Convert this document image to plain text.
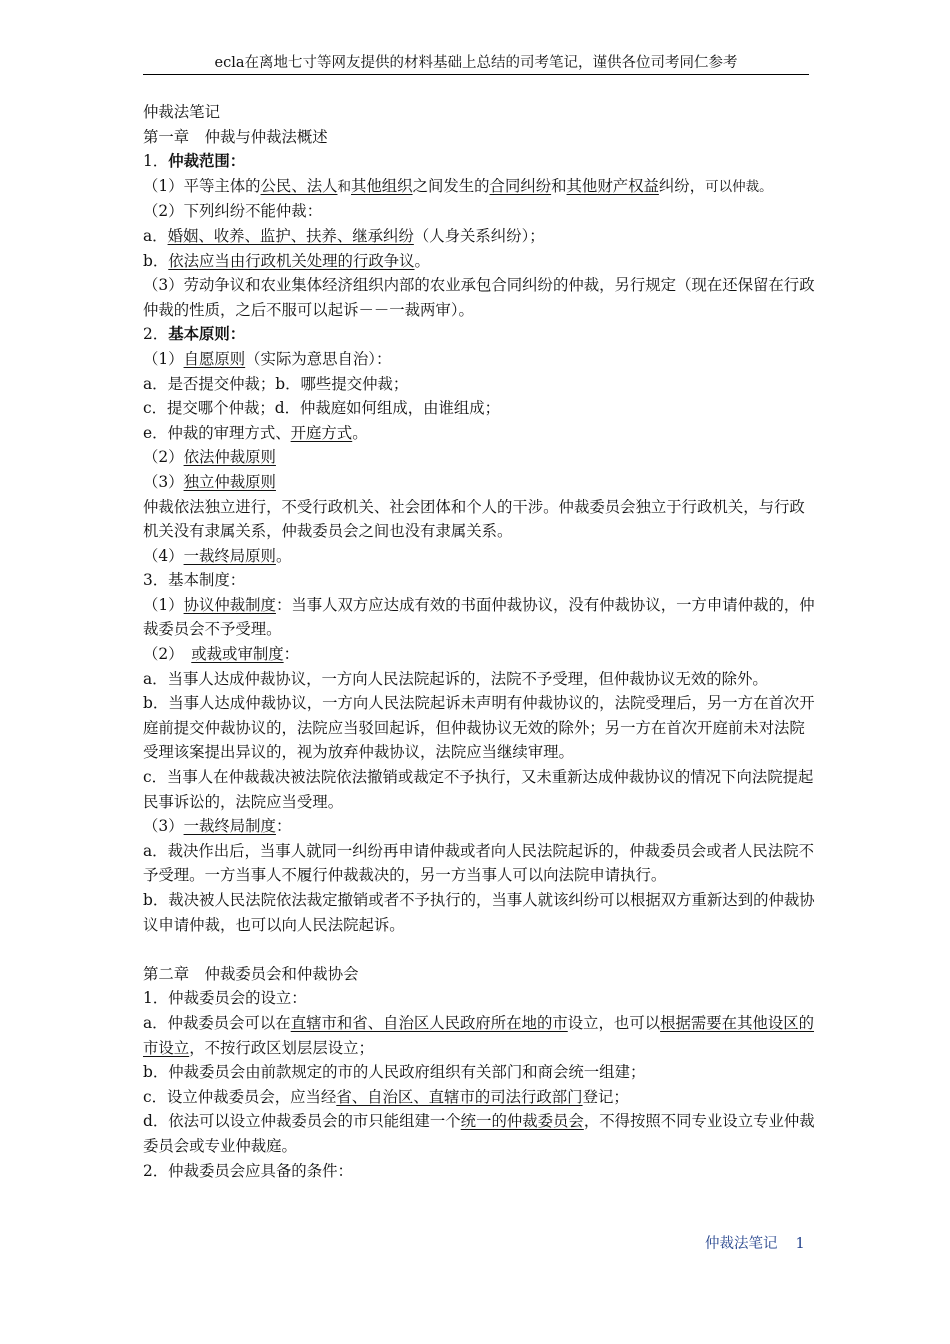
ecla在离地七寸等网友提供的材料基础上总结的司考笔记，谨供各位司考同仁参考

仲裁法笔记

第一章　仲裁与仲裁法概述

1．仲裁范围：

（1）平等主体的公民、法人和其他组织之间发生的合同纠纷和其他财产权益纠纷，可以仲裁。

（2）下列纠纷不能仲裁：

a．婚姻、收养、监护、扶养、继承纠纷（人身关系纠纷）；

b．依法应当由行政机关处理的行政争议。

（3）劳动争议和农业集体经济组织内部的农业承包合同纠纷的仲裁，另行规定（现在还保留在行政仲裁的性质，之后不服可以起诉－－一裁两审）。

2．基本原则：

（1）自愿原则（实际为意思自治）：

a．是否提交仲裁；b．哪些提交仲裁；

c．提交哪个仲裁；d．仲裁庭如何组成，由谁组成；

e．仲裁的审理方式、开庭方式。

（2）依法仲裁原则

（3）独立仲裁原则

仲裁依法独立进行，不受行政机关、社会团体和个人的干涉。仲裁委员会独立于行政机关，与行政机关没有隶属关系，仲裁委员会之间也没有隶属关系。

（4）一裁终局原则。

3．基本制度：

（1）协议仲裁制度：当事人双方应达成有效的书面仲裁协议，没有仲裁协议，一方申请仲裁的，仲裁委员会不予受理。

（2）　或裁或审制度：

a．当事人达成仲裁协议，一方向人民法院起诉的，法院不予受理，但仲裁协议无效的除外。

b．当事人达成仲裁协议，一方向人民法院起诉未声明有仲裁协议的，法院受理后，另一方在首次开庭前提交仲裁协议的，法院应当驳回起诉，但仲裁协议无效的除外；另一方在首次开庭前未对法院受理该案提出异议的，视为放弃仲裁协议，法院应当继续审理。

c．当事人在仲裁裁决被法院依法撤销或裁定不予执行，又未重新达成仲裁协议的情况下向法院提起民事诉讼的，法院应当受理。

（3）一裁终局制度：

a．裁决作出后，当事人就同一纠纷再申请仲裁或者向人民法院起诉的，仲裁委员会或者人民法院不予受理。一方当事人不履行仲裁裁决的，另一方当事人可以向法院申请执行。

b．裁决被人民法院依法裁定撤销或者不予执行的，当事人就该纠纷可以根据双方重新达到的仲裁协议申请仲裁，也可以向人民法院起诉。

第二章　仲裁委员会和仲裁协会

1．仲裁委员会的设立：

a．仲裁委员会可以在直辖市和省、自治区人民政府所在地的市设立，也可以根据需要在其他设区的市设立，不按行政区划层层设立；

b．仲裁委员会由前款规定的市的人民政府组织有关部门和商会统一组建；

c．设立仲裁委员会，应当经省、自治区、直辖市的司法行政部门登记；

d．依法可以设立仲裁委员会的市只能组建一个统一的仲裁委员会，不得按照不同专业设立专业仲裁委员会或专业仲裁庭。

2．仲裁委员会应具备的条件：

仲裁法笔记 1
